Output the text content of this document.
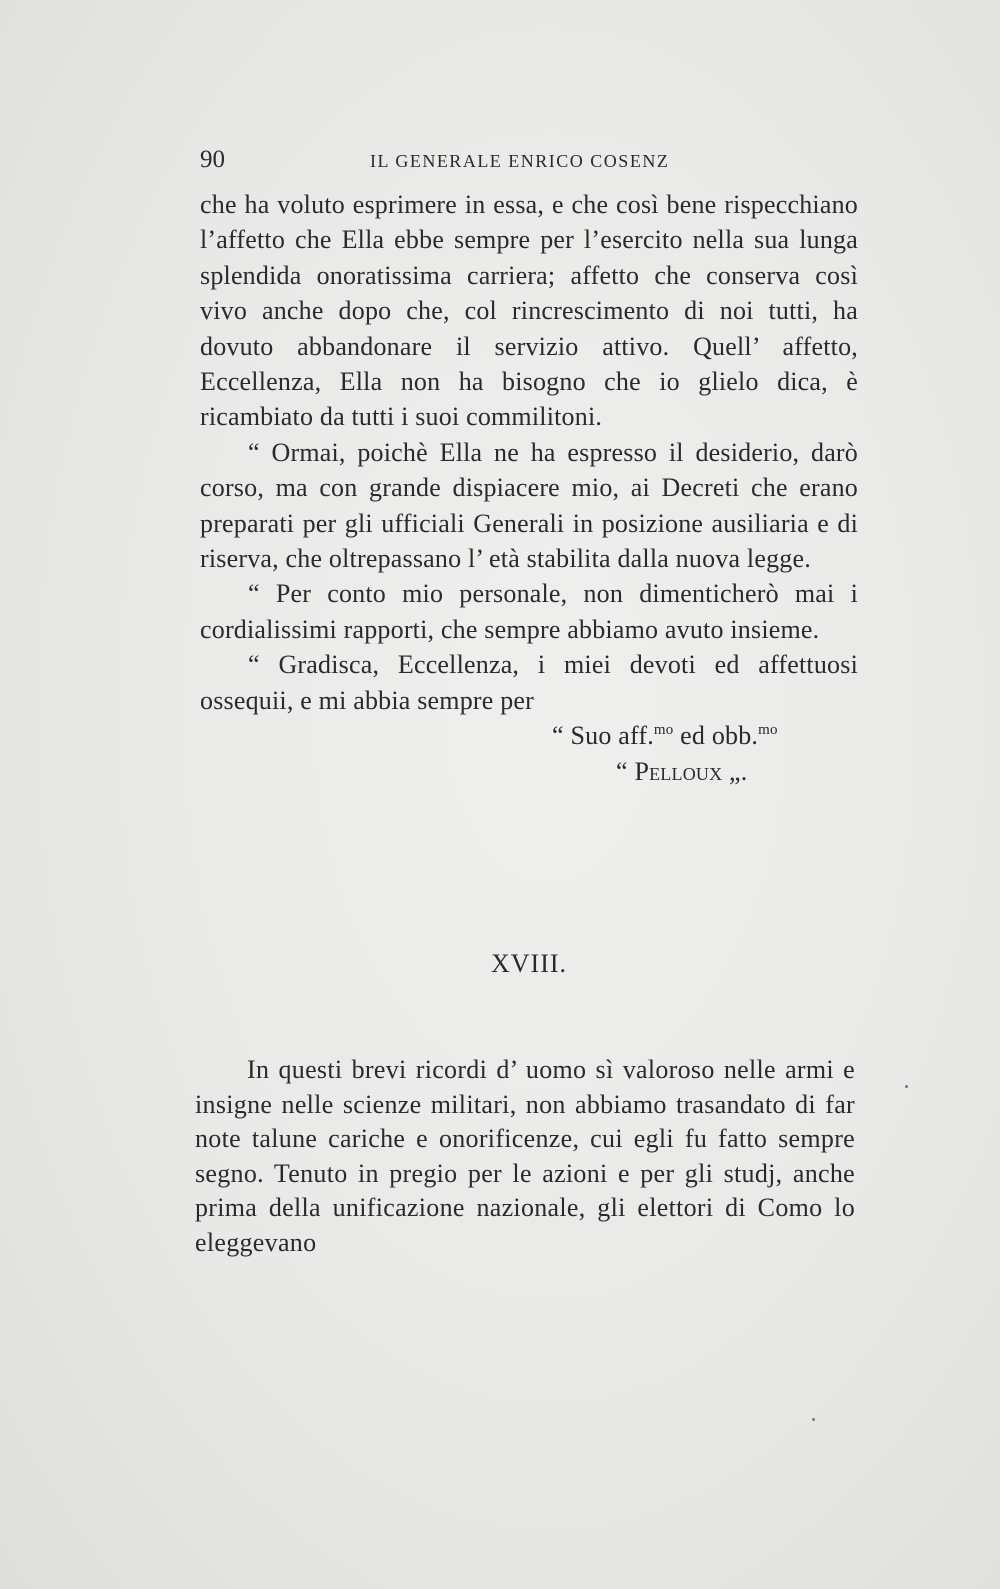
90	IL GENERALE ENRICO COSENZ

che ha voluto esprimere in essa, e che così bene rispecchiano l’affetto che Ella ebbe sempre per l’esercito nella sua lunga splendida onoratissima carriera; affetto che conserva così vivo anche dopo che, col rincrescimento di noi tutti, ha dovuto abbandonare il servizio attivo. Quell’ affetto, Eccellenza, Ella non ha bisogno che io glielo dica, è ricambiato da tutti i suoi commilitoni.

“ Ormai, poichè Ella ne ha espresso il desiderio, darò corso, ma con grande dispiacere mio, ai Decreti che erano preparati per gli ufficiali Generali in posizione ausiliaria e di riserva, che oltrepassano l’ età stabilita dalla nuova legge.

“ Per conto mio personale, non dimenticherò mai i cordialissimi rapporti, che sempre abbiamo avuto insieme.

“ Gradisca, Eccellenza, i miei devoti ed affettuosi ossequii, e mi abbia sempre per

“ Suo aff.$^{mo}$ ed obb.$^{mo}$

“ Pelloux „.

XVIII.

In questi brevi ricordi d’ uomo sì valoroso nelle armi e insigne nelle scienze militari, non abbiamo trasandato di far note talune cariche e onorificenze, cui egli fu fatto sempre segno. Tenuto in pregio per le azioni e per gli studj, anche prima della unificazione nazionale, gli elettori di Como lo eleggevano
